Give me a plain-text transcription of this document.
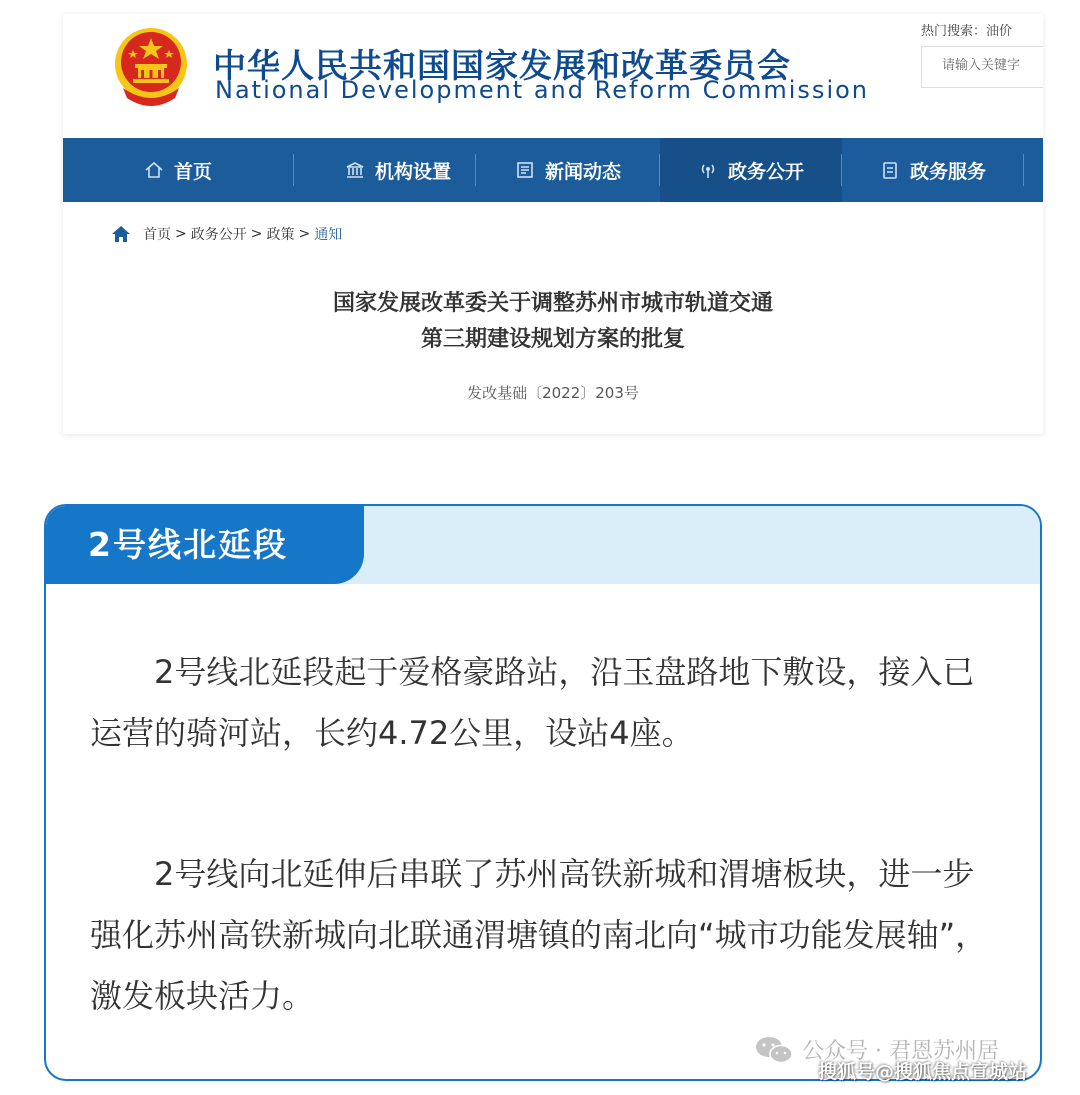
中华人民共和国国家发展和改革委员会
National Development and Reform Commission
热门搜索：油价
请输入关键字
首页	机构设置	新闻动态	政务公开	政务服务
首页 > 政务公开 > 政策 > 通知
国家发展改革委关于调整苏州市城市轨道交通
第三期建设规划方案的批复
发改基础〔2022〕203号
2号线北延段

2号线北延段起于爱格豪路站，沿玉盘路地下敷设，接入已运营的骑河站，长约4.72公里，设站4座。

2号线向北延伸后串联了苏州高铁新城和渭塘板块，进一步强化苏州高铁新城向北联通渭塘镇的南北向“城市功能发展轴”，激发板块活力。

公众号 · 君恩苏州居
搜狐号@搜狐焦点宣城站
